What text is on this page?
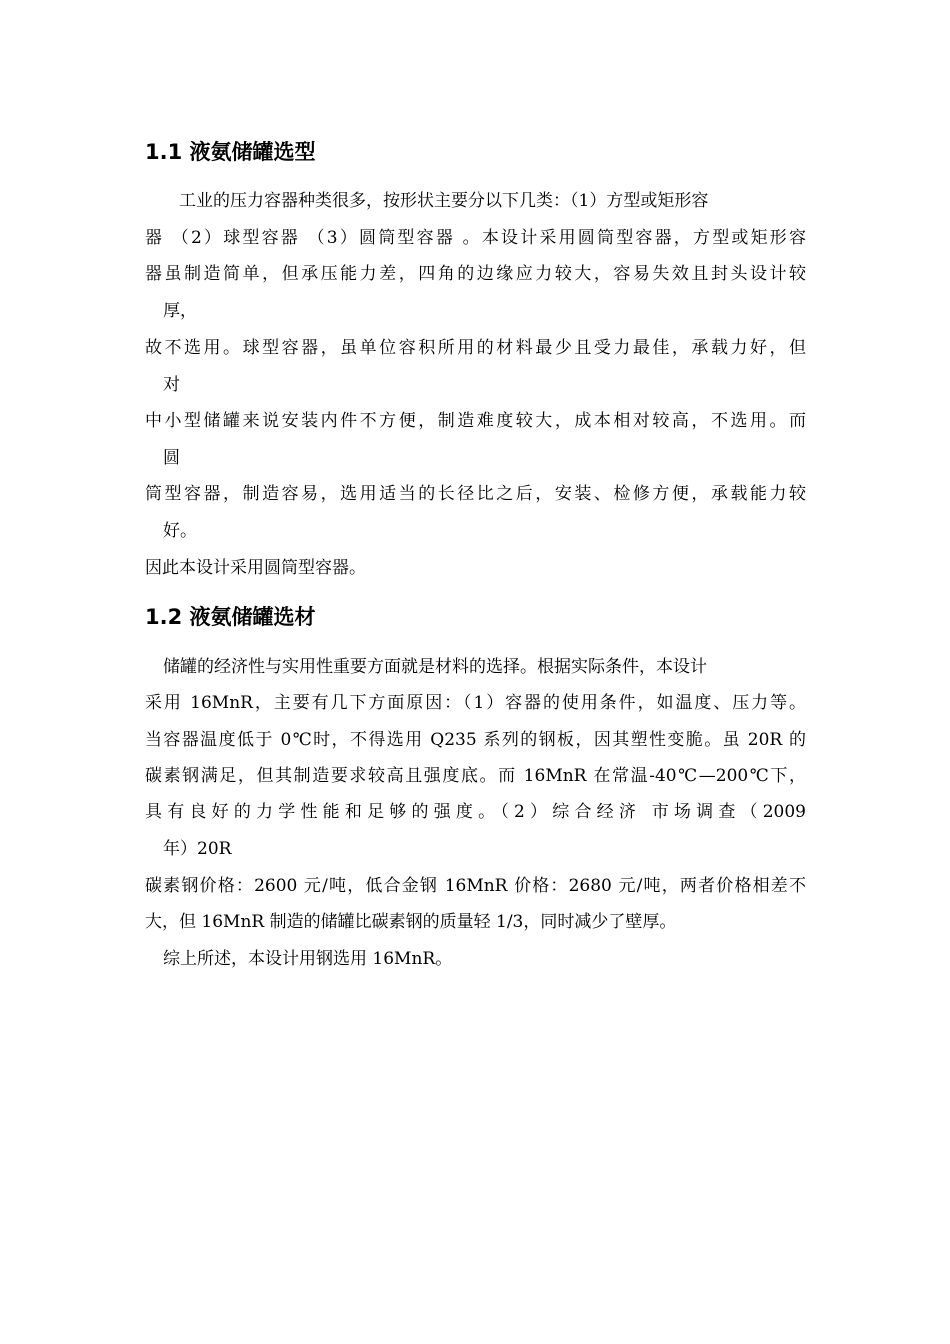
1.1 液氨储罐选型
工业的压力容器种类很多，按形状主要分以下几类：（1）方型或矩形容
器 （2）球型容器 （3）圆筒型容器 。本设计采用圆筒型容器，方型或矩形容
器虽制造简单，但承压能力差，四角的边缘应力较大，容易失效且封头设计较
厚，
故不选用。球型容器，虽单位容积所用的材料最少且受力最佳，承载力好，但
对
中小型储罐来说安装内件不方便，制造难度较大，成本相对较高，不选用。而
圆
筒型容器，制造容易，选用适当的长径比之后，安装、检修方便，承载能力较
好。
因此本设计采用圆筒型容器。
1.2 液氨储罐选材
储罐的经济性与实用性重要方面就是材料的选择。根据实际条件，本设计
采用 16MnR，主要有几下方面原因：（1）容器的使用条件，如温度、压力等。
当容器温度低于 0℃时，不得选用 Q235 系列的钢板，因其塑性变脆。虽 20R 的
碳素钢满足，但其制造要求较高且强度底。而 16MnR 在常温-40℃—200℃下，
具有良好的力学性能和足够的强度。（2）综合经济 市场调查（2009
年）20R
碳素钢价格：2600 元/吨，低合金钢 16MnR 价格：2680 元/吨，两者价格相差不
大，但 16MnR 制造的储罐比碳素钢的质量轻 1/3，同时减少了壁厚。
综上所述，本设计用钢选用 16MnR。
